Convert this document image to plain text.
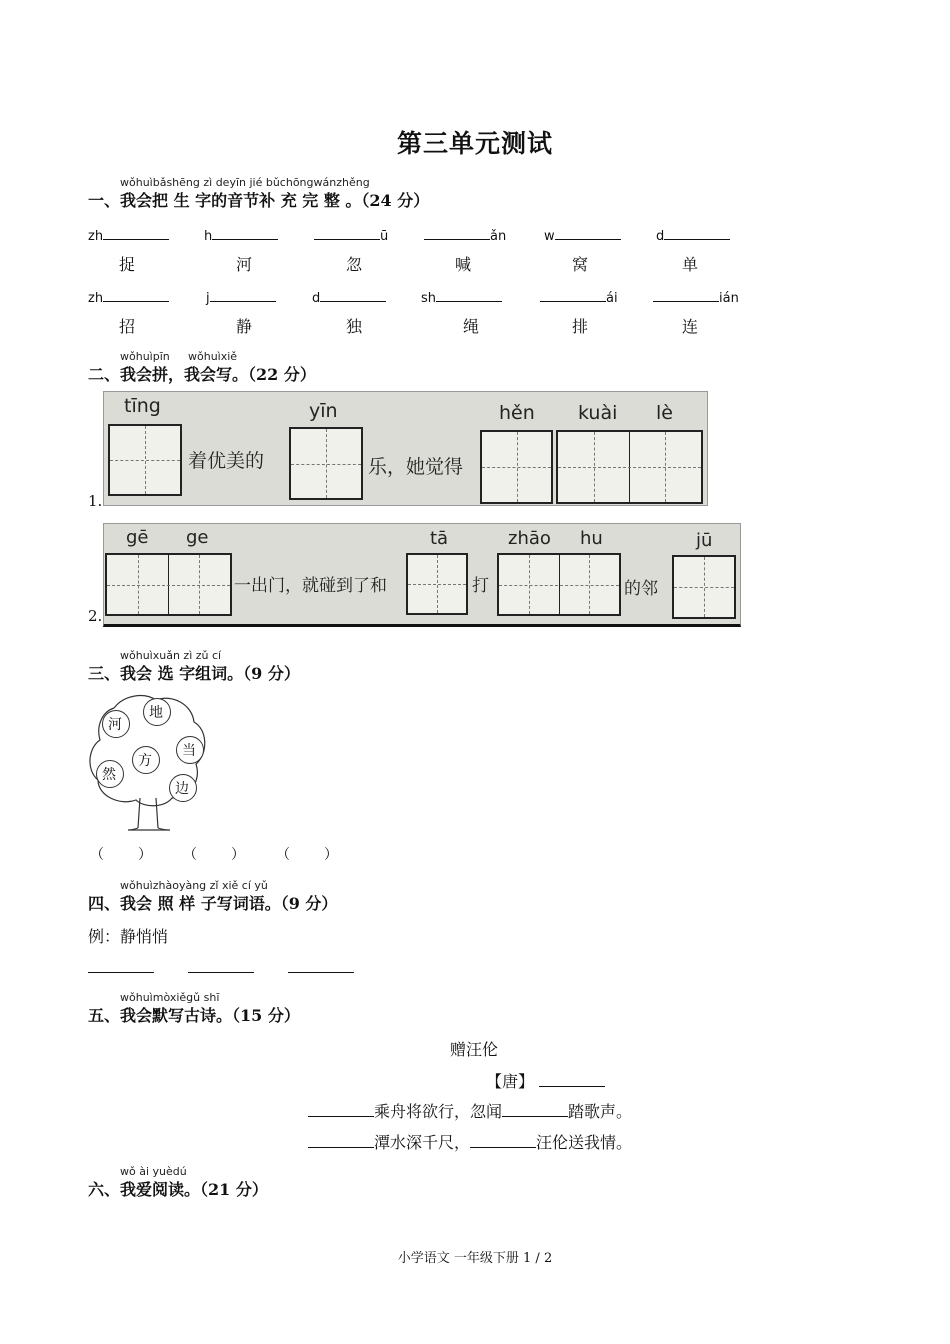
第三单元测试
wǒhuìbǎshēng zì deyīn jié bǔchōngwánzhěng
一、我会把 生 字的音节补 充 完 整 。（24 分）
zh	h	ū	ǎn	w	d
捉	河	忽	喊	窝	单
zh	j	d	sh	ái	ián
招	静	独	绳	排	连
wǒhuìpīn wǒhuìxiě
二、我会拼，我会写。（22 分）
1.
tīng
着优美的
yīn
乐，她觉得
hěn kuài lè
2.
gē ge
一出门，就碰到了和
tā
打
zhāo hu
的邻
jū
wǒhuìxuǎn zì zǔ cí
三、我会 选 字组词。（9 分）
河
地
当
方
然
边
（ ） （ ） （ ）
wǒhuìzhàoyàng zǐ xiě cí yǔ
四、我会 照 样 子写词语。（9 分）
例：静悄悄
wǒhuìmòxiěgǔ shī
五、我会默写古诗。（15 分）
赠汪伦
【唐】
乘舟将欲行，忽闻	踏歌声。
潭水深千尺，	汪伦送我情。
wǒ ài yuèdú
六、我爱阅读。（21 分）
小学语文 一年级下册 1 / 2
